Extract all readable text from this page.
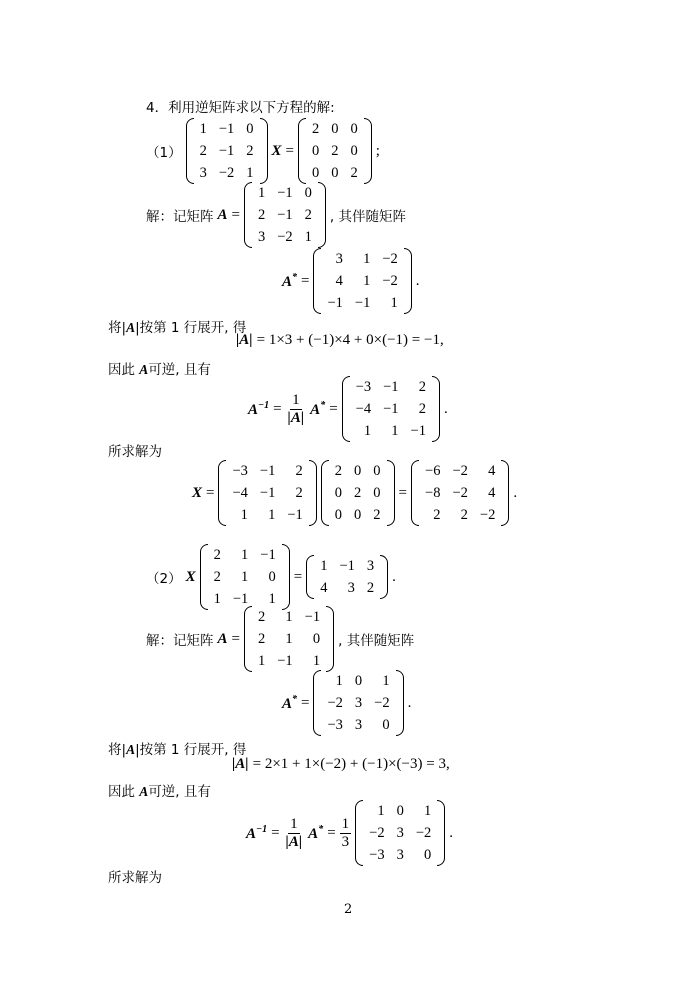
4．利用逆矩阵求以下方程的解:
（1）
1	−1	0
2	−1	2
3	−2	1
X =
2	0	0
0	2	0
0	0	2
;
解：记矩阵 A =
1	−1	0
2	−1	2
3	−2	1
, 其伴随矩阵
A* =
3	1	−2
4	1	−2
−1	−1	1
.
将|A|按第 1 行展开, 得
|A| = 1×3 + (−1)×4 + 0×(−1) = −1,
因此 A可逆, 且有
$A^{-1} = \frac{1}{|A|} A^*$ =
−3	−1	2
−4	−1	2
1	1	−1
.
所求解为
X =
−3	−1	2
−4	−1	2
1	1	−1
2	0	0
0	2	0
0	0	2
=
−6	−2	4
−8	−2	4
2	2	−2
.
（2） X
2	1	−1
2	1	0
1	−1	1
=
1	−1	3
4	3	2
.
解：记矩阵 A =
2	1	−1
2	1	0
1	−1	1
, 其伴随矩阵
A* =
1	0	1
−2	3	−2
−3	3	0
.
将|A|按第 1 行展开, 得
|A| = 2×1 + 1×(−2) + (−1)×(−3) = 3,
因此 A可逆, 且有
$A^{-1} = \frac{1}{|A|} A^* = \frac{1}{3}$
1	0	1
−2	3	−2
−3	3	0
.
所求解为
2
